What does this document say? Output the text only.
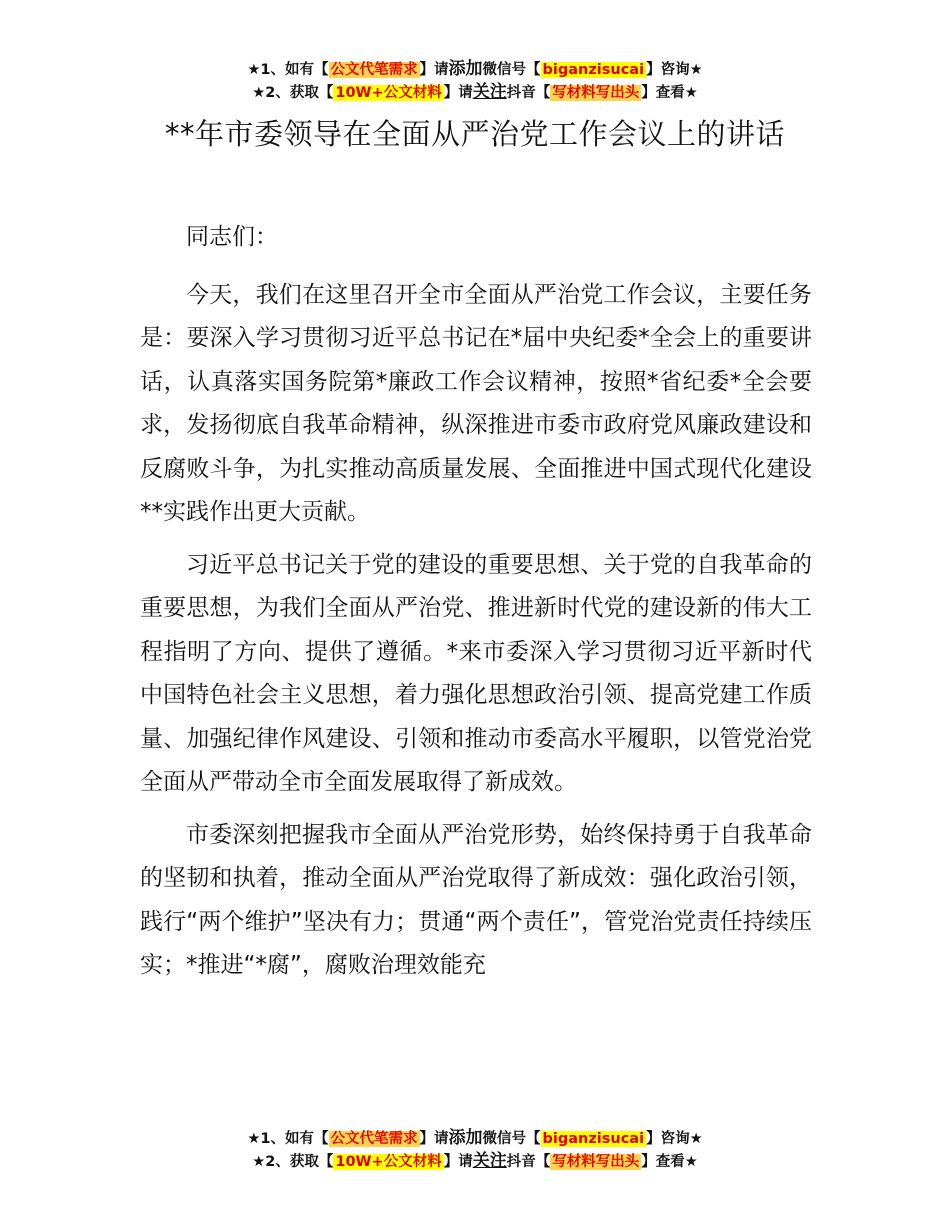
★1、如有【 公文代笔需求 】请添加微信号【 biganzisucai 】咨询★
★2、获取【 10W+公文材料 】请关注抖音【 写材料写出头 】查看★
**年市委领导在全面从严治党工作会议上的讲话

同志们：

今天，我们在这里召开全市全面从严治党工作会议，主要任务是：要深入学习贯彻习近平总书记在*届中央纪委*全会上的重要讲话，认真落实国务院第*廉政工作会议精神，按照*省纪委*全会要求，发扬彻底自我革命精神，纵深推进市委市政府党风廉政建设和反腐败斗争，为扎实推动高质量发展、全面推进中国式现代化建设**实践作出更大贡献。

习近平总书记关于党的建设的重要思想、关于党的自我革命的重要思想，为我们全面从严治党、推进新时代党的建设新的伟大工程指明了方向、提供了遵循。*来市委深入学习贯彻习近平新时代中国特色社会主义思想，着力强化思想政治引领、提高党建工作质量、加强纪律作风建设、引领和推动市委高水平履职，以管党治党全面从严带动全市全面发展取得了新成效。

市委深刻把握我市全面从严治党形势，始终保持勇于自我革命的坚韧和执着，推动全面从严治党取得了新成效：强化政治引领，践行“两个维护”坚决有力；贯通“两个责任”，管党治党责任持续压实；*推进“*腐”，腐败治理效能充

★1、如有【 公文代笔需求 】请添加微信号【 biganzisucai 】咨询★
★2、获取【 10W+公文材料 】请关注抖音【 写材料写出头 】查看★
